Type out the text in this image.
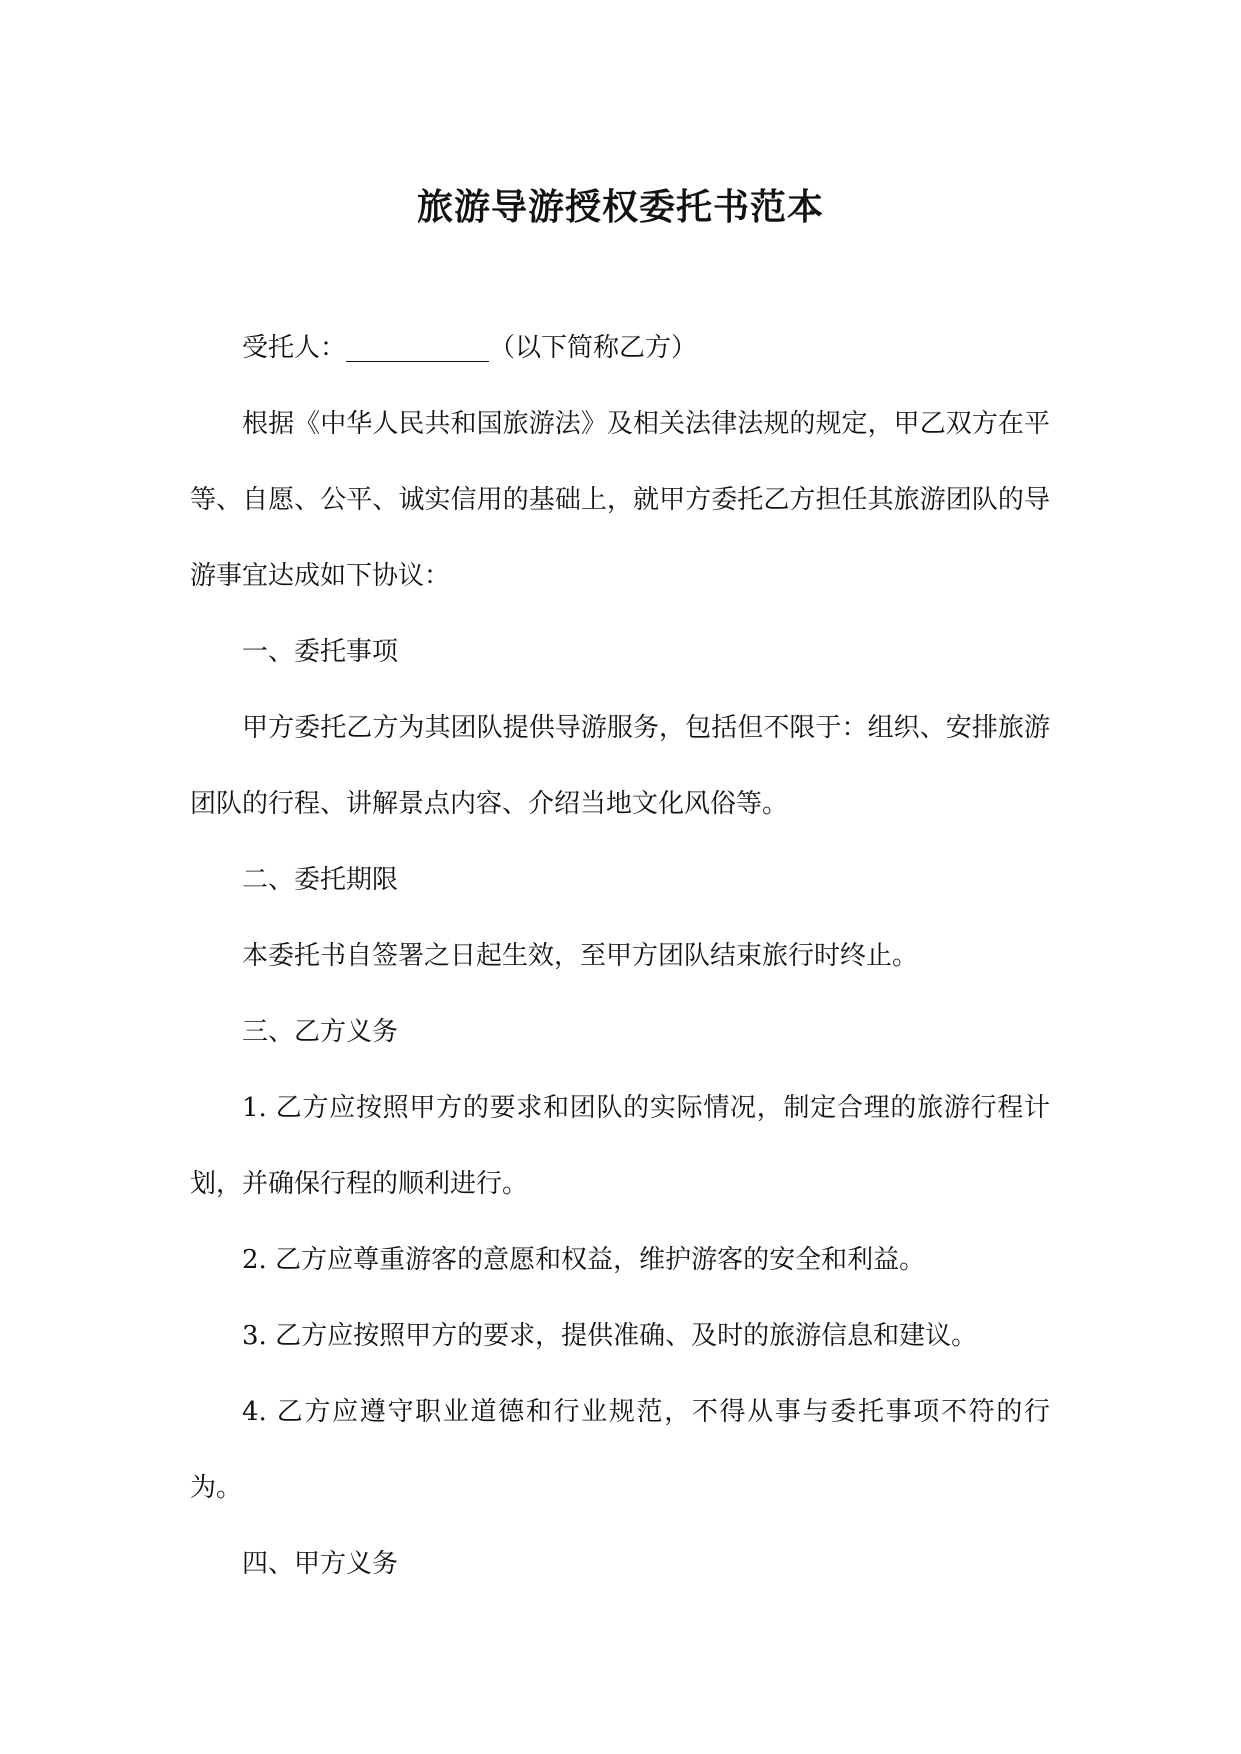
旅游导游授权委托书范本

受托人：___________（以下简称乙方）

根据《中华人民共和国旅游法》及相关法律法规的规定，甲乙双方在平等、自愿、公平、诚实信用的基础上，就甲方委托乙方担任其旅游团队的导游事宜达成如下协议：

一、委托事项

甲方委托乙方为其团队提供导游服务，包括但不限于：组织、安排旅游团队的行程、讲解景点内容、介绍当地文化风俗等。

二、委托期限

本委托书自签署之日起生效，至甲方团队结束旅行时终止。

三、乙方义务

1. 乙方应按照甲方的要求和团队的实际情况，制定合理的旅游行程计划，并确保行程的顺利进行。

2. 乙方应尊重游客的意愿和权益，维护游客的安全和利益。

3. 乙方应按照甲方的要求，提供准确、及时的旅游信息和建议。

4. 乙方应遵守职业道德和行业规范，不得从事与委托事项不符的行为。

四、甲方义务
